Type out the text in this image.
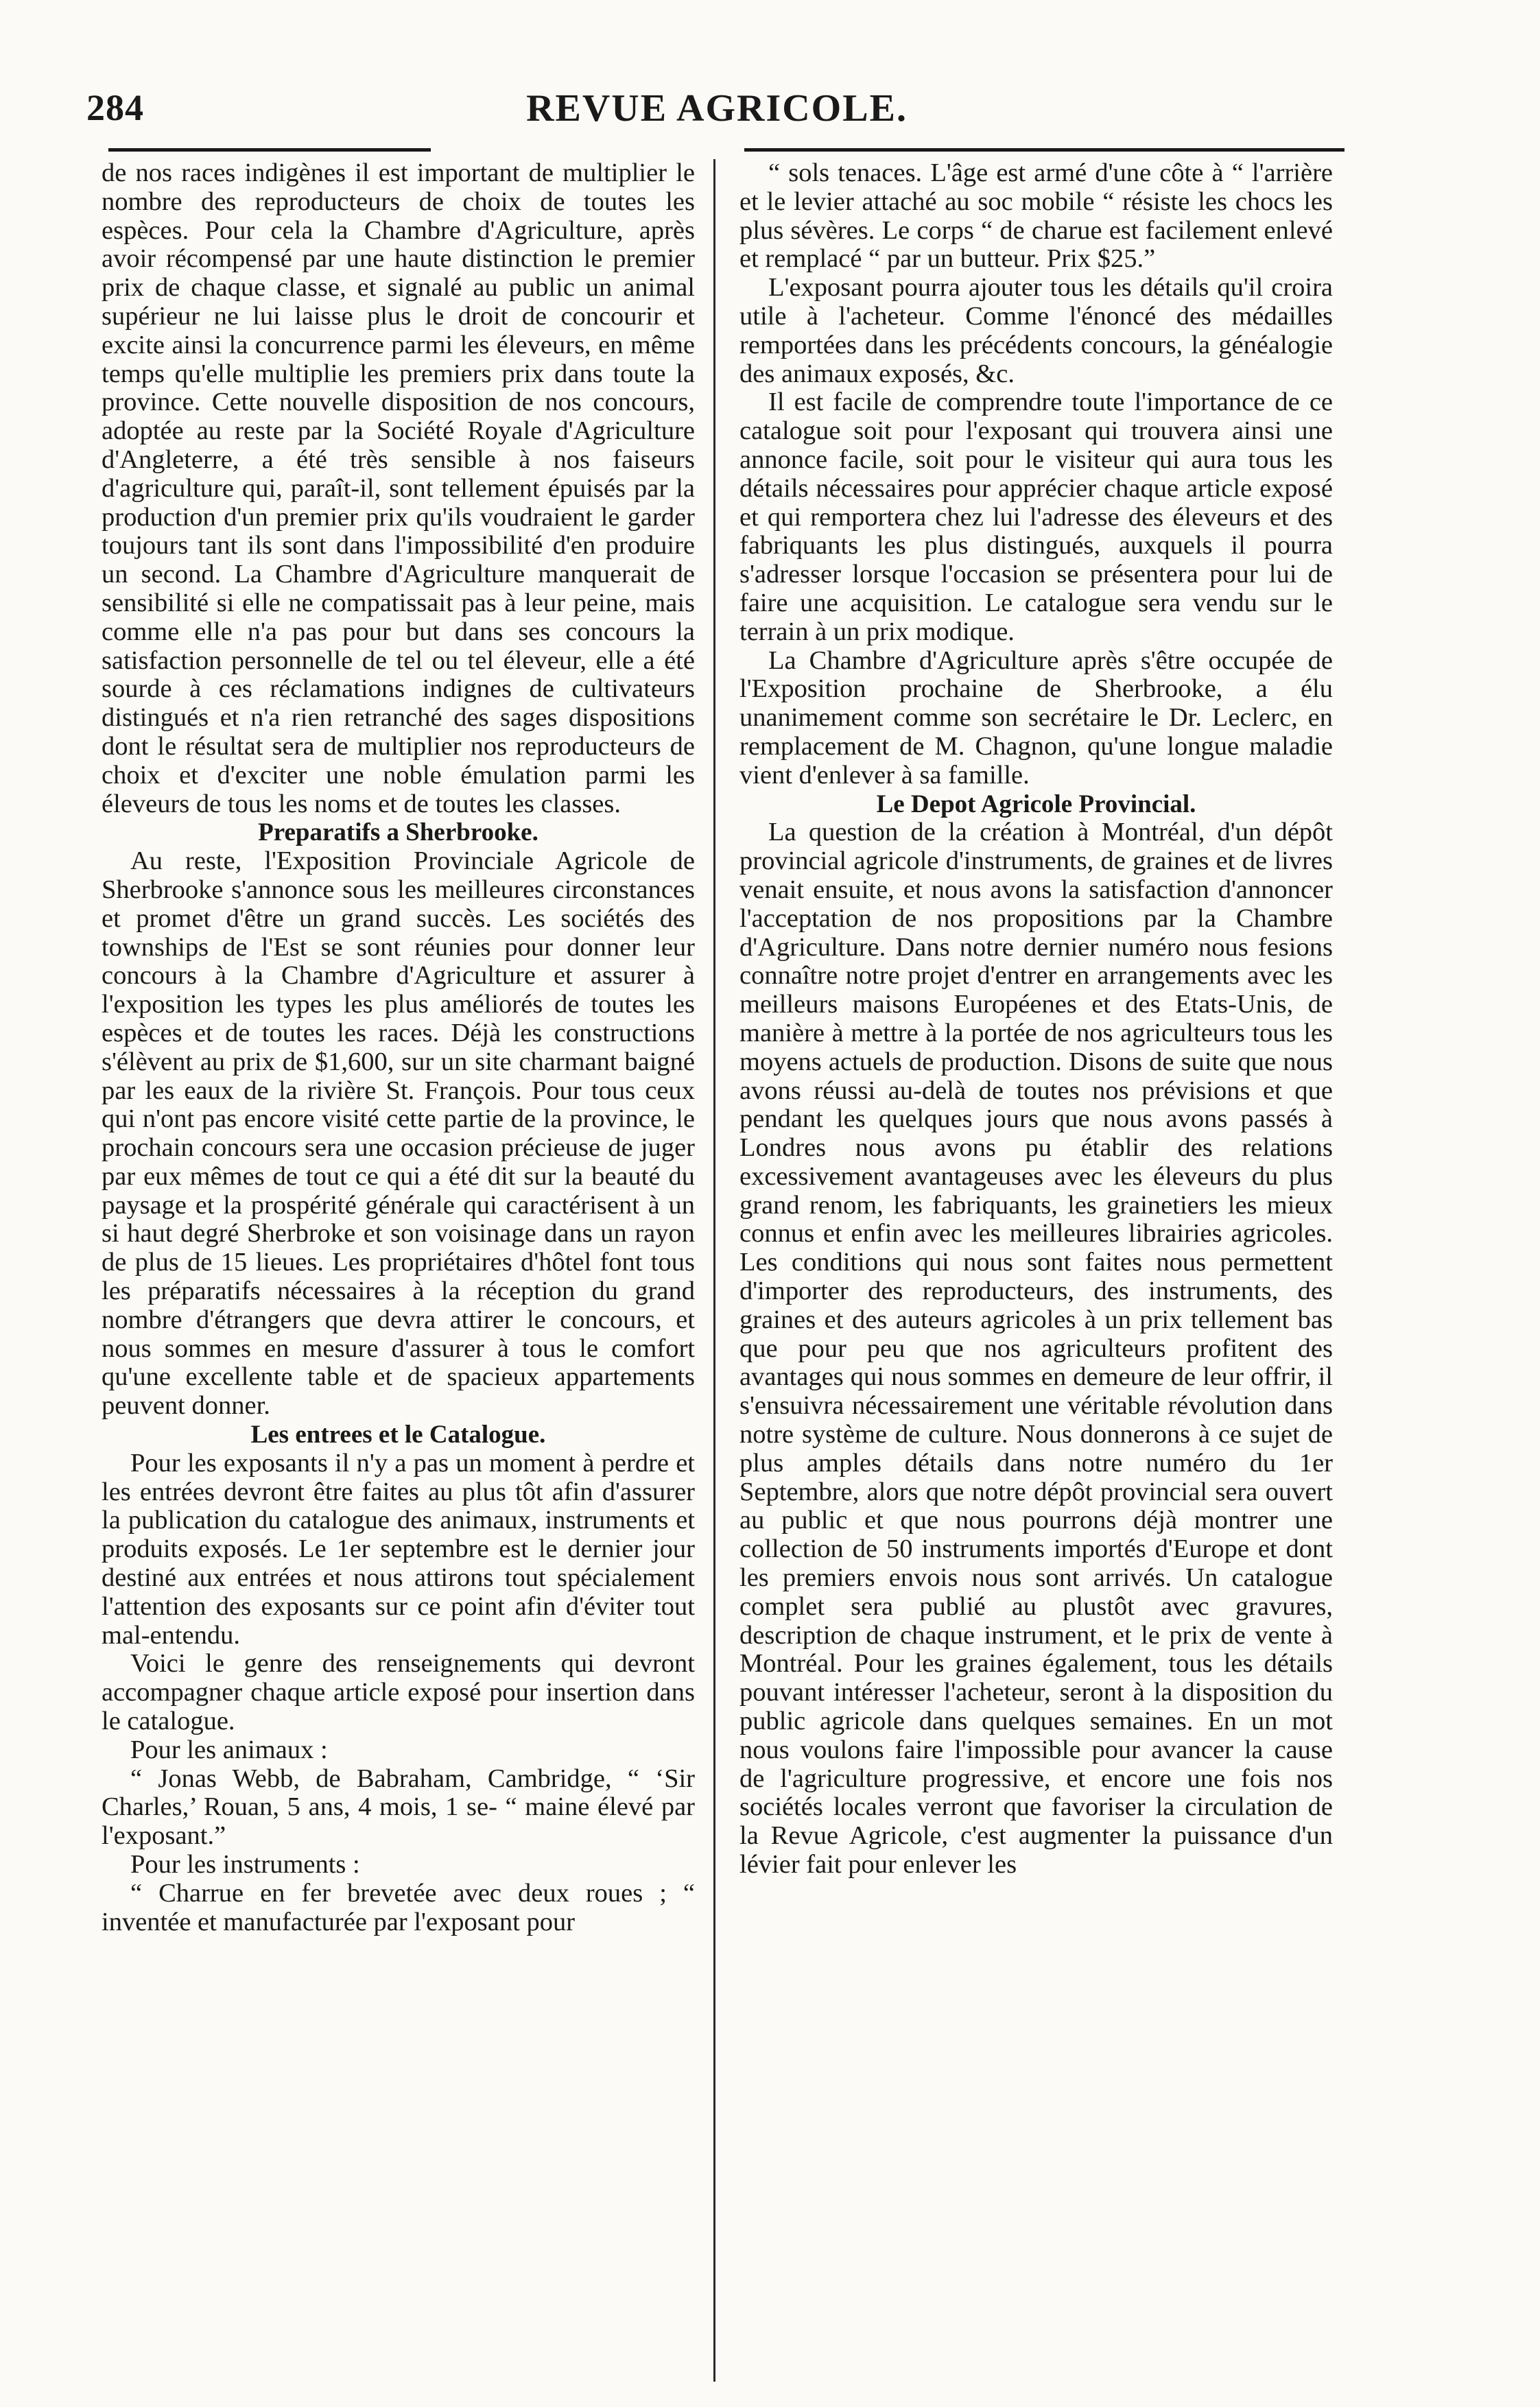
284	REVUE AGRICOLE.

de nos races indigènes il est important de multiplier le nombre des reproducteurs de choix de toutes les espèces. Pour cela la Chambre d'Agriculture, après avoir récompensé par une haute distinction le premier prix de chaque classe, et signalé au public un animal supérieur ne lui laisse plus le droit de concourir et excite ainsi la concurrence parmi les éleveurs, en même temps qu'elle multiplie les premiers prix dans toute la province. Cette nouvelle disposition de nos concours, adoptée au reste par la Société Royale d'Agriculture d'Angleterre, a été très sensible à nos faiseurs d'agriculture qui, paraît-il, sont tellement épuisés par la production d'un premier prix qu'ils voudraient le garder toujours tant ils sont dans l'impossibilité d'en produire un second. La Chambre d'Agriculture manquerait de sensibilité si elle ne compatissait pas à leur peine, mais comme elle n'a pas pour but dans ses concours la satisfaction personnelle de tel ou tel éleveur, elle a été sourde à ces réclamations indignes de cultivateurs distingués et n'a rien retranché des sages dispositions dont le résultat sera de multiplier nos reproducteurs de choix et d'exciter une noble émulation parmi les éleveurs de tous les noms et de toutes les classes.

Preparatifs a Sherbrooke.

Au reste, l'Exposition Provinciale Agricole de Sherbrooke s'annonce sous les meilleures circonstances et promet d'être un grand succès. Les sociétés des townships de l'Est se sont réunies pour donner leur concours à la Chambre d'Agriculture et assurer à l'exposition les types les plus améliorés de toutes les espèces et de toutes les races. Déjà les constructions s'élèvent au prix de $1,600, sur un site charmant baigné par les eaux de la rivière St. François. Pour tous ceux qui n'ont pas encore visité cette partie de la province, le prochain concours sera une occasion précieuse de juger par eux mêmes de tout ce qui a été dit sur la beauté du paysage et la prospérité générale qui caractérisent à un si haut degré Sherbroke et son voisinage dans un rayon de plus de 15 lieues. Les propriétaires d'hôtel font tous les préparatifs nécessaires à la réception du grand nombre d'étrangers que devra attirer le concours, et nous sommes en mesure d'assurer à tous le comfort qu'une excellente table et de spacieux appartements peuvent donner.

Les entrees et le Catalogue.

Pour les exposants il n'y a pas un moment à perdre et les entrées devront être faites au plus tôt afin d'assurer la publication du catalogue des animaux, instruments et produits exposés. Le 1er septembre est le dernier jour destiné aux entrées et nous attirons tout spécialement l'attention des exposants sur ce point afin d'éviter tout mal-entendu.

Voici le genre des renseignements qui devront accompagner chaque article exposé pour insertion dans le catalogue.

Pour les animaux :

“ Jonas Webb, de Babraham, Cambridge, “ ‘Sir Charles,’ Rouan, 5 ans, 4 mois, 1 se- “ maine élevé par l'exposant.”

Pour les instruments :

“ Charrue en fer brevetée avec deux roues ; “ inventée et manufacturée par l'exposant pour

“ sols tenaces. L'âge est armé d'une côte à “ l'arrière et le levier attaché au soc mobile “ résiste les chocs les plus sévères. Le corps “ de charue est facilement enlevé et remplacé “ par un butteur. Prix $25.”

L'exposant pourra ajouter tous les détails qu'il croira utile à l'acheteur. Comme l'énoncé des médailles remportées dans les précédents concours, la généalogie des animaux exposés, &c.

Il est facile de comprendre toute l'importance de ce catalogue soit pour l'exposant qui trouvera ainsi une annonce facile, soit pour le visiteur qui aura tous les détails nécessaires pour apprécier chaque article exposé et qui remportera chez lui l'adresse des éleveurs et des fabriquants les plus distingués, auxquels il pourra s'adresser lorsque l'occasion se présentera pour lui de faire une acquisition. Le catalogue sera vendu sur le terrain à un prix modique.

La Chambre d'Agriculture après s'être occupée de l'Exposition prochaine de Sherbrooke, a élu unanimement comme son secrétaire le Dr. Leclerc, en remplacement de M. Chagnon, qu'une longue maladie vient d'enlever à sa famille.

Le Depot Agricole Provincial.

La question de la création à Montréal, d'un dépôt provincial agricole d'instruments, de graines et de livres venait ensuite, et nous avons la satisfaction d'annoncer l'acceptation de nos propositions par la Chambre d'Agriculture. Dans notre dernier numéro nous fesions connaître notre projet d'entrer en arrangements avec les meilleurs maisons Européenes et des Etats-Unis, de manière à mettre à la portée de nos agriculteurs tous les moyens actuels de production. Disons de suite que nous avons réussi au-delà de toutes nos prévisions et que pendant les quelques jours que nous avons passés à Londres nous avons pu établir des relations excessivement avantageuses avec les éleveurs du plus grand renom, les fabriquants, les grainetiers les mieux connus et enfin avec les meilleures librairies agricoles. Les conditions qui nous sont faites nous permettent d'importer des reproducteurs, des instruments, des graines et des auteurs agricoles à un prix tellement bas que pour peu que nos agriculteurs profitent des avantages qui nous sommes en demeure de leur offrir, il s'ensuivra nécessairement une véritable révolution dans notre système de culture. Nous donnerons à ce sujet de plus amples détails dans notre numéro du 1er Septembre, alors que notre dépôt provincial sera ouvert au public et que nous pourrons déjà montrer une collection de 50 instruments importés d'Europe et dont les premiers envois nous sont arrivés. Un catalogue complet sera publié au plustôt avec gravures, description de chaque instrument, et le prix de vente à Montréal. Pour les graines également, tous les détails pouvant intéresser l'acheteur, seront à la disposition du public agricole dans quelques semaines. En un mot nous voulons faire l'impossible pour avancer la cause de l'agriculture progressive, et encore une fois nos sociétés locales verront que favoriser la circulation de la Revue Agricole, c'est augmenter la puissance d'un lévier fait pour enlever les
